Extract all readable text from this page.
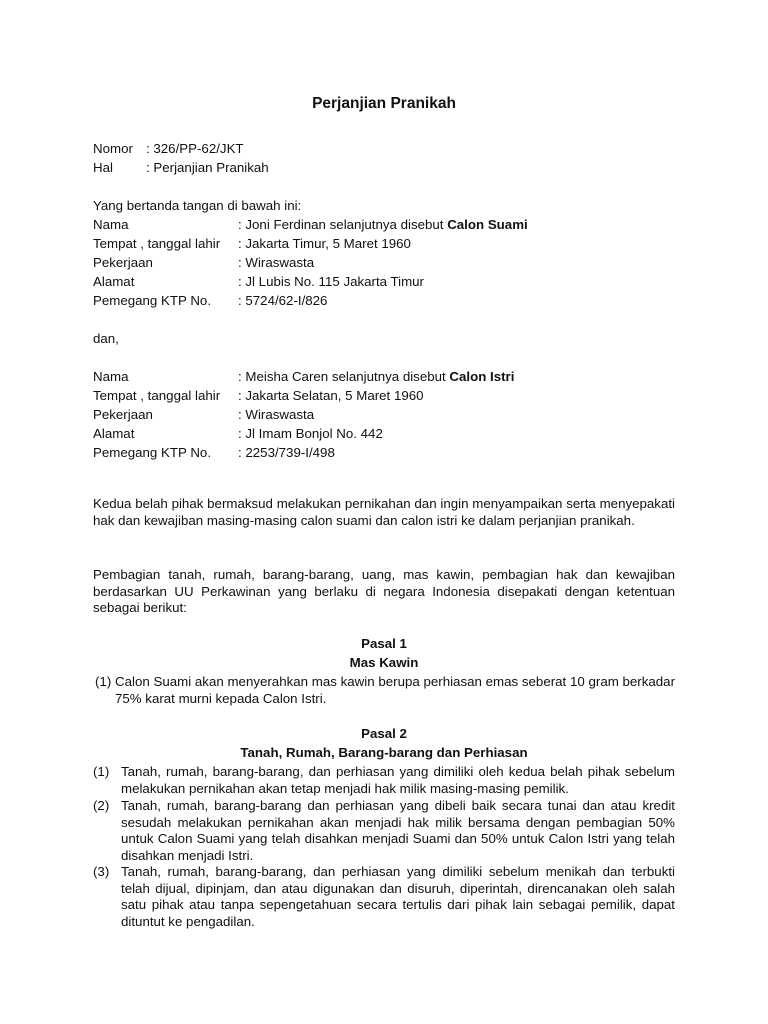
Perjanjian Pranikah
Nomor : 326/PP-62/JKT
Hal : Perjanjian Pranikah
Yang bertanda tangan di bawah ini:
Nama	: Joni Ferdinan selanjutnya disebut Calon Suami
Tempat , tanggal lahir : Jakarta Timur, 5 Maret 1960
Pekerjaan	: Wiraswasta
Alamat	: Jl Lubis No. 115 Jakarta Timur
Pemegang KTP No. : 5724/62-I/826
dan,
Nama	: Meisha Caren selanjutnya disebut Calon Istri
Tempat , tanggal lahir : Jakarta Selatan, 5 Maret 1960
Pekerjaan	: Wiraswasta
Alamat	: Jl Imam Bonjol No. 442
Pemegang KTP No. : 2253/739-I/498
Kedua belah pihak bermaksud melakukan pernikahan dan ingin menyampaikan serta menyepakati hak dan kewajiban masing-masing calon suami dan calon istri ke dalam perjanjian pranikah.
Pembagian tanah, rumah, barang-barang, uang, mas kawin, pembagian hak dan kewajiban berdasarkan UU Perkawinan yang berlaku di negara Indonesia disepakati dengan ketentuan sebagai berikut:
Pasal 1
Mas Kawin
(1) Calon Suami akan menyerahkan mas kawin berupa perhiasan emas seberat 10 gram berkadar 75% karat murni kepada Calon Istri.
Pasal 2
Tanah, Rumah, Barang-barang dan Perhiasan
(1) Tanah, rumah, barang-barang, dan perhiasan yang dimiliki oleh kedua belah pihak sebelum melakukan pernikahan akan tetap menjadi hak milik masing-masing pemilik.
(2) Tanah, rumah, barang-barang dan perhiasan yang dibeli baik secara tunai dan atau kredit sesudah melakukan pernikahan akan menjadi hak milik bersama dengan pembagian 50% untuk Calon Suami yang telah disahkan menjadi Suami dan 50% untuk Calon Istri yang telah disahkan menjadi Istri.
(3) Tanah, rumah, barang-barang, dan perhiasan yang dimiliki sebelum menikah dan terbukti telah dijual, dipinjam, dan atau digunakan dan disuruh, diperintah, direncanakan oleh salah satu pihak atau tanpa sepengetahuan secara tertulis dari pihak lain sebagai pemilik, dapat dituntut ke pengadilan.
